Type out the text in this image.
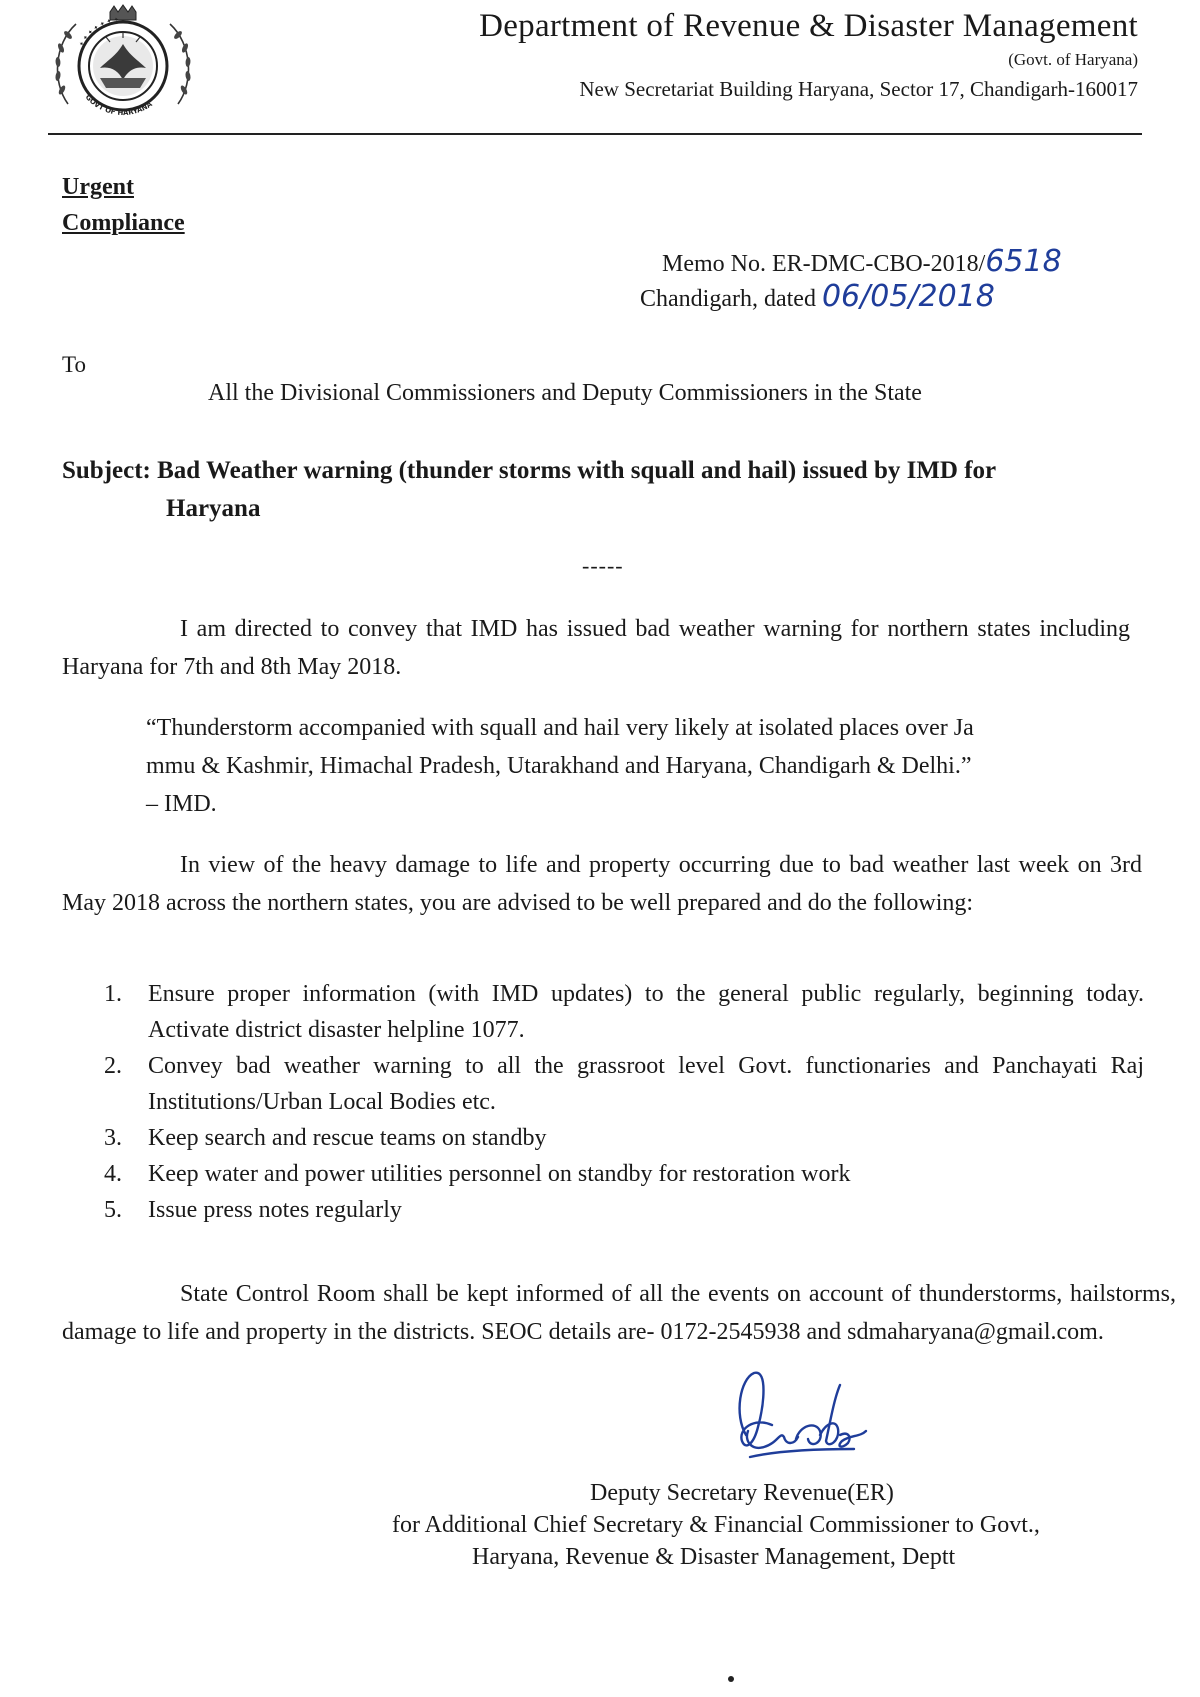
GOVT OF HARYANA
✦ ✦ ✦ ✦ ✦ ✦ ✦	Department of Revenue & Disaster Management
(Govt. of Haryana)
New Secretariat Building Haryana, Sector 17, Chandigarh-160017
Urgent
Compliance
Memo No. ER-DMC-CBO-2018/6518
Chandigarh, dated 06/05/2018
To
All the Divisional Commissioners and Deputy Commissioners in the State
Subject: Bad Weather warning (thunder storms with squall and hail) issued by IMD for
Haryana
-----
I am directed to convey that IMD has issued bad weather warning for northern states including Haryana for 7th and 8th May 2018.
“Thunderstorm accompanied with squall and hail very likely at isolated places over Ja
mmu & Kashmir, Himachal Pradesh, Utarakhand and Haryana, Chandigarh & Delhi.”
– IMD.
In view of the heavy damage to life and property occurring due to bad weather last week on 3rd May 2018 across the northern states, you are advised to be well prepared and do the following:
1. Ensure proper information (with IMD updates) to the general public regularly, beginning today. Activate district disaster helpline 1077.
2. Convey bad weather warning to all the grassroot level Govt. functionaries and Panchayati Raj Institutions/Urban Local Bodies etc.
3. Keep search and rescue teams on standby
4. Keep water and power utilities personnel on standby for restoration work
5. Issue press notes regularly
State Control Room shall be kept informed of all the events on account of thunderstorms, hailstorms, damage to life and property in the districts. SEOC details are- 0172-2545938 and sdmaharyana@gmail.com.
Deputy Secretary Revenue(ER)
for Additional Chief Secretary & Financial Commissioner to Govt.,
Haryana, Revenue & Disaster Management, Deptt
